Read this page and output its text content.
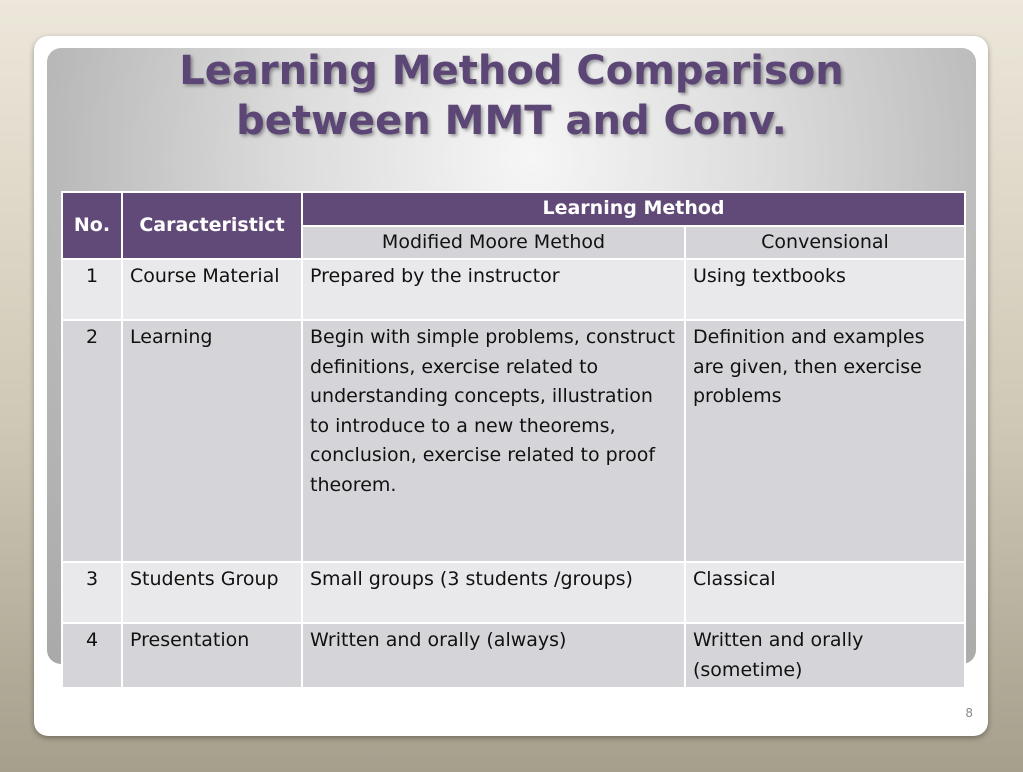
Learning Method Comparison
between MMT and Conv.
No.	Caracteristict	Learning Method	
		Modified Moore Method	Convensional
1	Course Material	Prepared by the instructor	Using textbooks
2	Learning	Begin with simple problems, construct definitions, exercise related to understanding concepts, illustration to introduce to a new theorems, conclusion, exercise related to proof theorem.	Definition and examples are given, then exercise problems
3	Students Group	Small groups (3 students /groups)	Classical
4	Presentation	Written and orally (always)	Written and orally (sometime)
8
